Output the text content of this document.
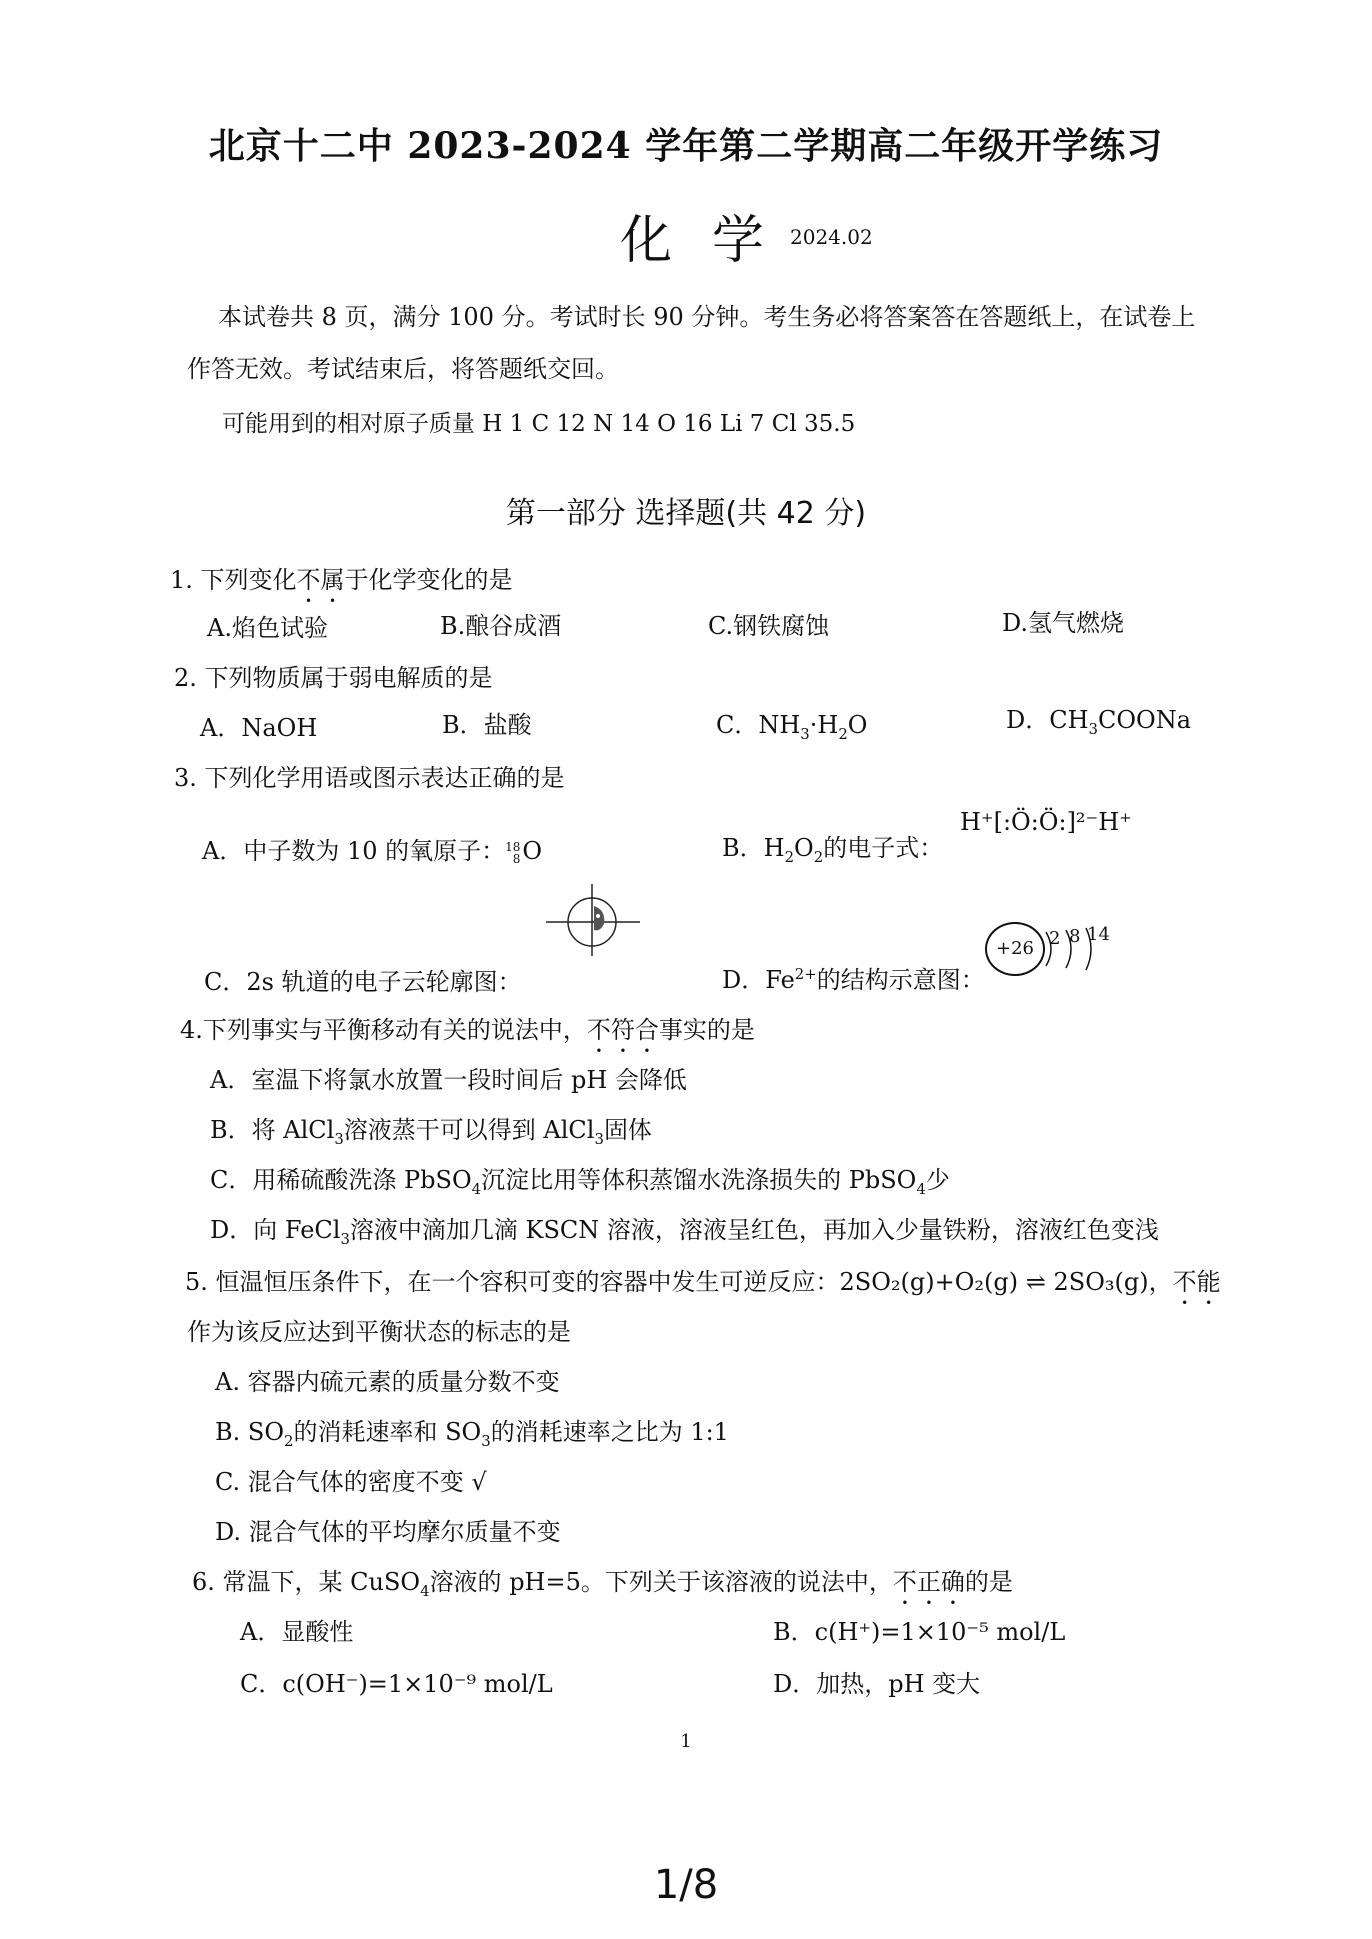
北京十二中 2023-2024 学年第二学期高二年级开学练习
化学
2024.02
本试卷共 8 页，满分 100 分。考试时长 90 分钟。考生务必将答案答在答题纸上，在试卷上
作答无效。考试结束后，将答题纸交回。
可能用到的相对原子质量 H 1 C 12 N 14 O 16 Li 7 Cl 35.5
第一部分 选择题(共 42 分)
1. 下列变化不属于化学变化的是
A.焰色试验	B.酿谷成酒	C.钢铁腐蚀	D.氢气燃烧
2. 下列物质属于弱电解质的是
A．NaOH	B．盐酸	C．$NH_3\cdot H_2O$	D．$CH_3COONa$
3. 下列化学用语或图示表达正确的是
A．中子数为 10 的氧原子： 18
8 O	B．$H_2O_2$的电子式：
H⁺[:Ö:Ö:]²⁻H⁺
C．2s 轨道的电子云轮廓图：	D．$Fe^{2+}$的结构示意图：
+26 2 8 14
4.下列事实与平衡移动有关的说法中，不符合事实的是
A．室温下将氯水放置一段时间后 pH 会降低
B．将 AlCl$_3$溶液蒸干可以得到 AlCl$_3$固体
C．用稀硫酸洗涤 PbSO$_4$沉淀比用等体积蒸馏水洗涤损失的 PbSO$_4$少
D．向 FeCl$_3$溶液中滴加几滴 KSCN 溶液，溶液呈红色，再加入少量铁粉，溶液红色变浅
5. 恒温恒压条件下，在一个容积可变的容器中发生可逆反应：2SO₂(g)+O₂(g) ⇌ 2SO₃(g)，不能
作为该反应达到平衡状态的标志的是
A. 容器内硫元素的质量分数不变
B. $SO_2$的消耗速率和 $SO_3$的消耗速率之比为 1:1
C. 混合气体的密度不变 √
D. 混合气体的平均摩尔质量不变
6. 常温下，某 CuSO$_4$溶液的 pH=5。下列关于该溶液的说法中，不正确的是
A．显酸性	B．c(H⁺)=1×10⁻⁵ mol/L
C．c(OH⁻)=1×10⁻⁹ mol/L	D．加热，pH 变大
1
1/8
